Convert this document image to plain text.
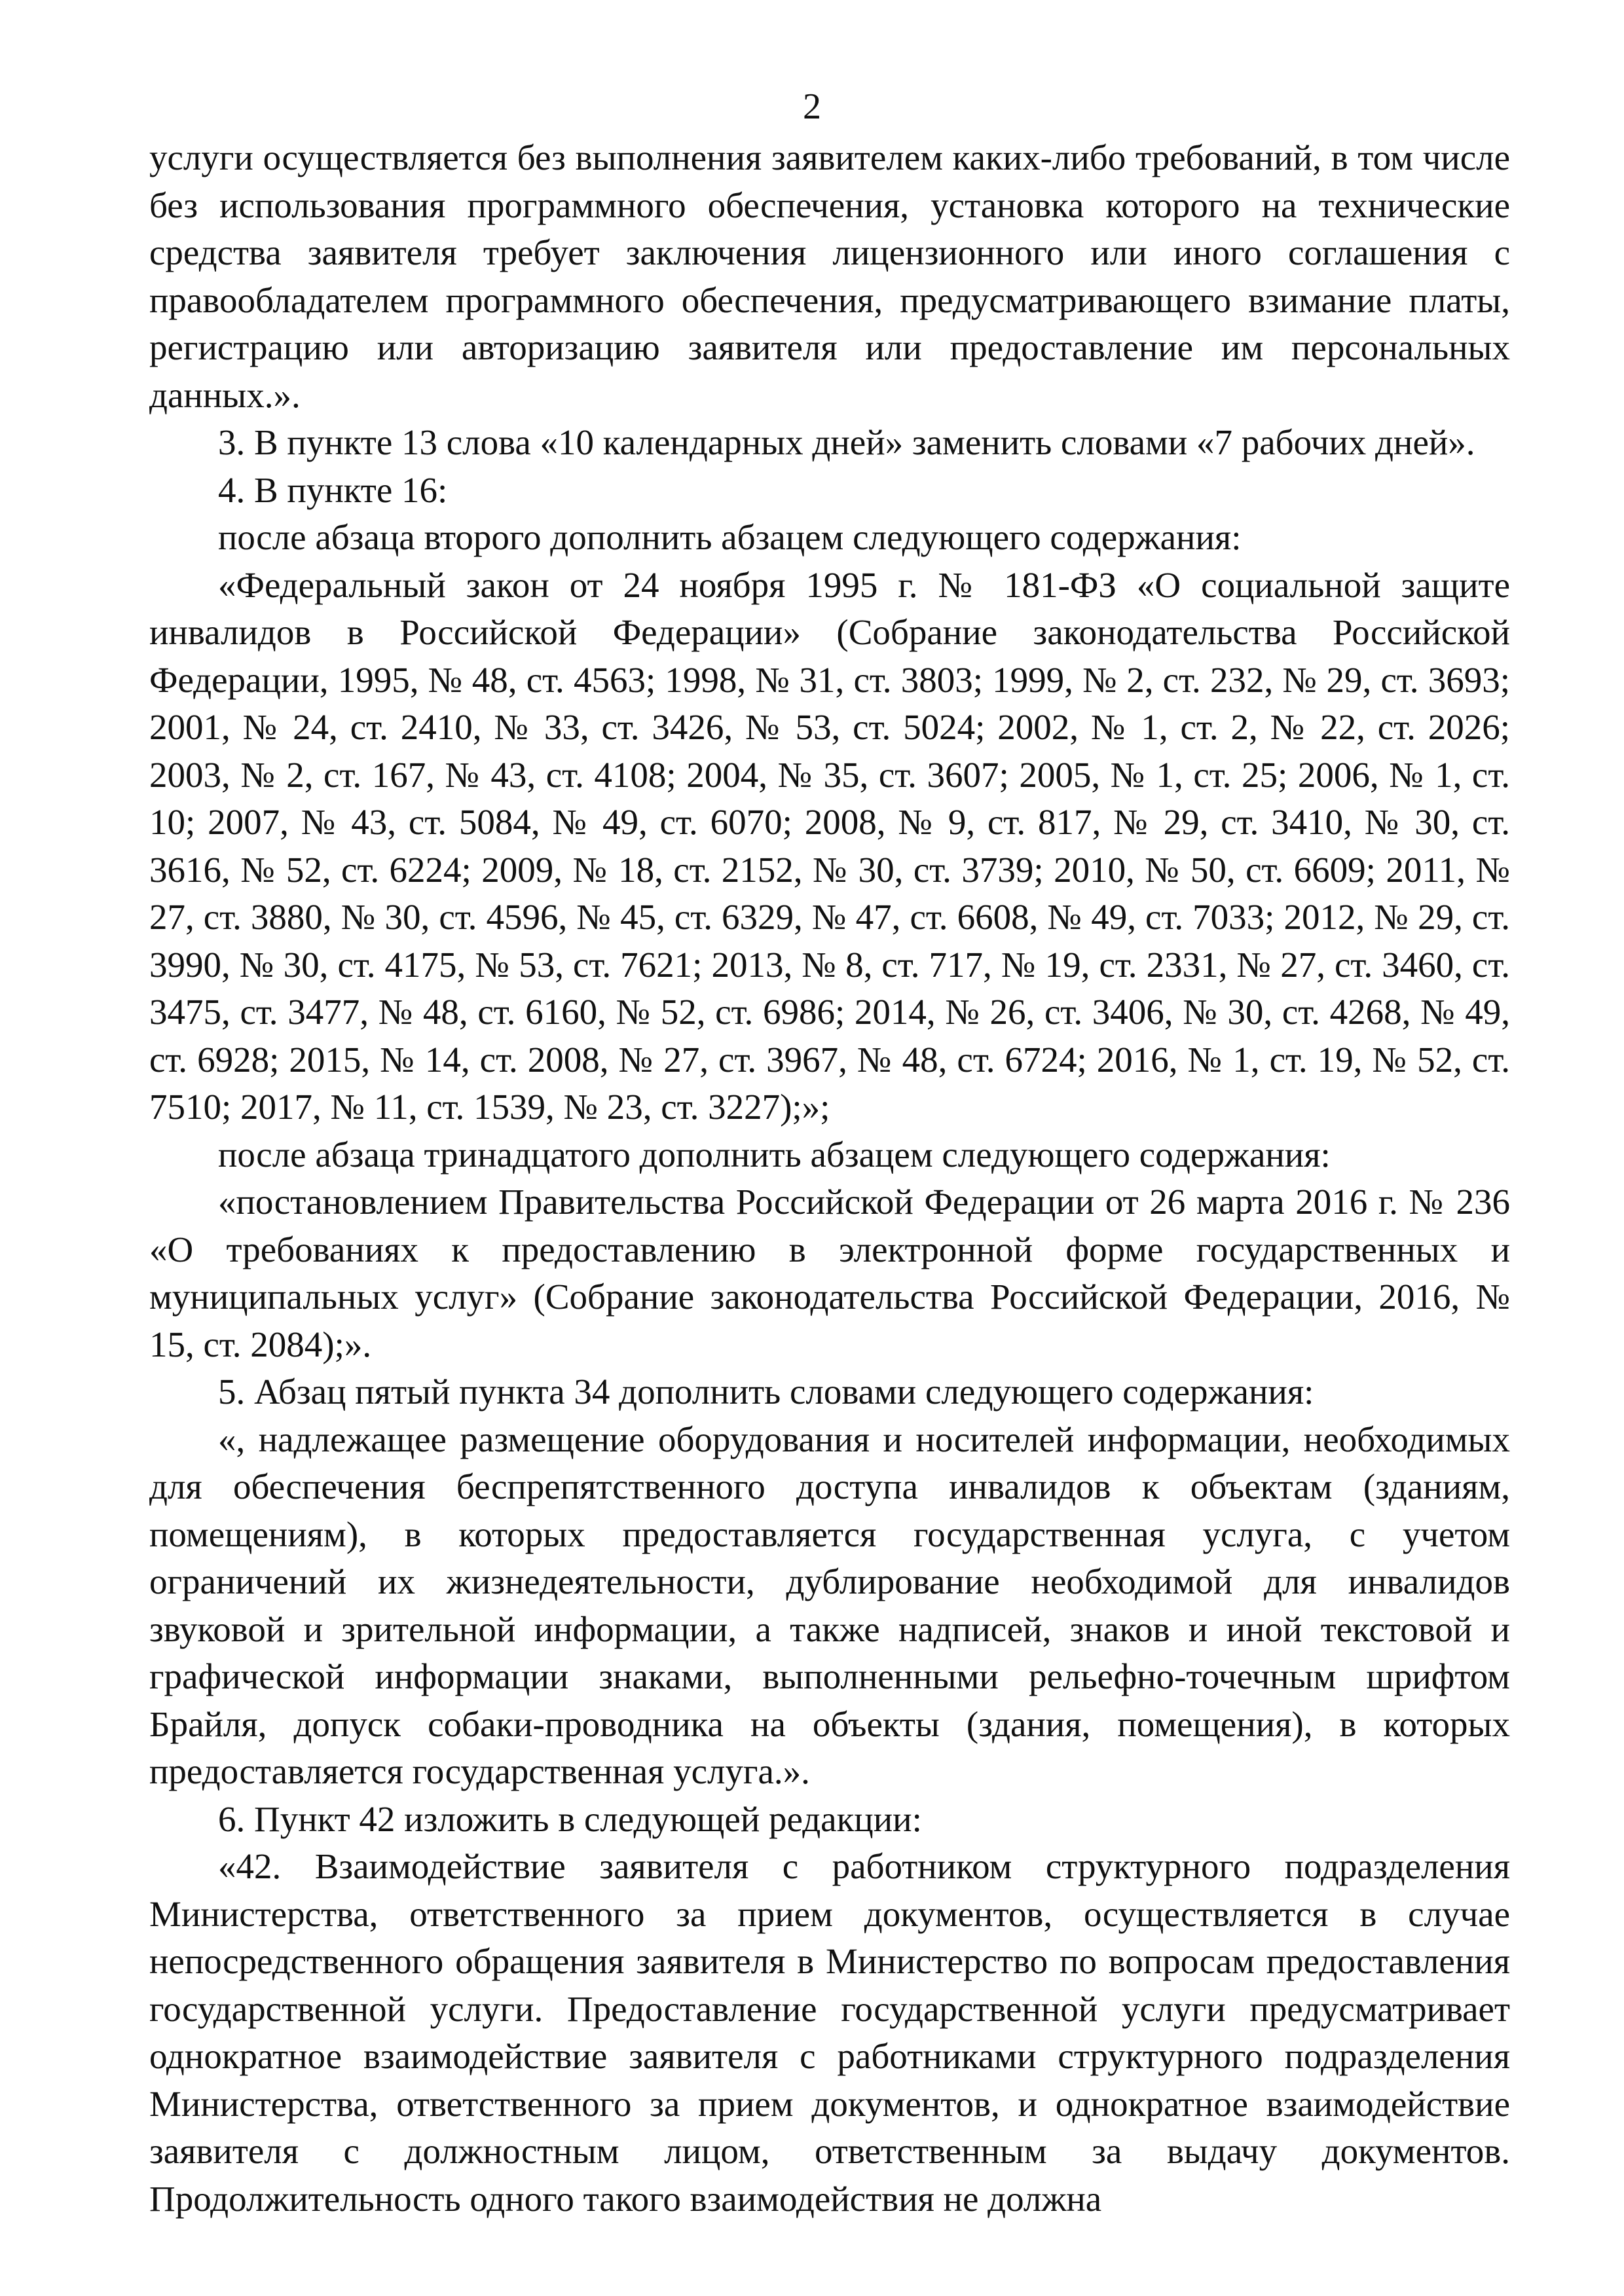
2

услуги осуществляется без выполнения заявителем каких-либо требований, в том числе без использования программного обеспечения, установка которого на технические средства заявителя требует заключения лицензионного или иного соглашения с правообладателем программного обеспечения, предусматривающего взимание платы, регистрацию или авторизацию заявителя или предоставление им персональных данных.».

3. В пункте 13 слова «10 календарных дней» заменить словами «7 рабочих дней».

4. В пункте 16:

после абзаца второго дополнить абзацем следующего содержания:

«Федеральный закон от 24 ноября 1995 г. № 181-ФЗ «О социальной защите инвалидов в Российской Федерации» (Собрание законодательства Российской Федерации, 1995, № 48, ст. 4563; 1998, № 31, ст. 3803; 1999, № 2, ст. 232, № 29, ст. 3693; 2001, № 24, ст. 2410, № 33, ст. 3426, № 53, ст. 5024; 2002, № 1, ст. 2, № 22, ст. 2026; 2003, № 2, ст. 167, № 43, ст. 4108; 2004, № 35, ст. 3607; 2005, № 1, ст. 25; 2006, № 1, ст. 10; 2007, № 43, ст. 5084, № 49, ст. 6070; 2008, № 9, ст. 817, № 29, ст. 3410, № 30, ст. 3616, № 52, ст. 6224; 2009, № 18, ст. 2152, № 30, ст. 3739; 2010, № 50, ст. 6609; 2011, № 27, ст. 3880, № 30, ст. 4596, № 45, ст. 6329, № 47, ст. 6608, № 49, ст. 7033; 2012, № 29, ст. 3990, № 30, ст. 4175, № 53, ст. 7621; 2013, № 8, ст. 717, № 19, ст. 2331, № 27, ст. 3460, ст. 3475, ст. 3477, № 48, ст. 6160, № 52, ст. 6986; 2014, № 26, ст. 3406, № 30, ст. 4268, № 49, ст. 6928; 2015, № 14, ст. 2008, № 27, ст. 3967, № 48, ст. 6724; 2016, № 1, ст. 19, № 52, ст. 7510; 2017, № 11, ст. 1539, № 23, ст. 3227);»;

после абзаца тринадцатого дополнить абзацем следующего содержания:

«постановлением Правительства Российской Федерации от 26 марта 2016 г. № 236 «О требованиях к предоставлению в электронной форме государственных и муниципальных услуг» (Собрание законодательства Российской Федерации, 2016, № 15, ст. 2084);».

5. Абзац пятый пункта 34 дополнить словами следующего содержания:

«, надлежащее размещение оборудования и носителей информации, необходимых для обеспечения беспрепятственного доступа инвалидов к объектам (зданиям, помещениям), в которых предоставляется государственная услуга, с учетом ограничений их жизнедеятельности, дублирование необходимой для инвалидов звуковой и зрительной информации, а также надписей, знаков и иной текстовой и графической информации знаками, выполненными рельефно-точечным шрифтом Брайля, допуск собаки-проводника на объекты (здания, помещения), в которых предоставляется государственная услуга.».

6. Пункт 42 изложить в следующей редакции:

«42. Взаимодействие заявителя с работником структурного подразделения Министерства, ответственного за прием документов, осуществляется в случае непосредственного обращения заявителя в Министерство по вопросам предоставления государственной услуги. Предоставление государственной услуги предусматривает однократное взаимодействие заявителя с работниками структурного подразделения Министерства, ответственного за прием документов, и однократное взаимодействие заявителя с должностным лицом, ответственным за выдачу документов. Продолжительность одного такого взаимодействия не должна
